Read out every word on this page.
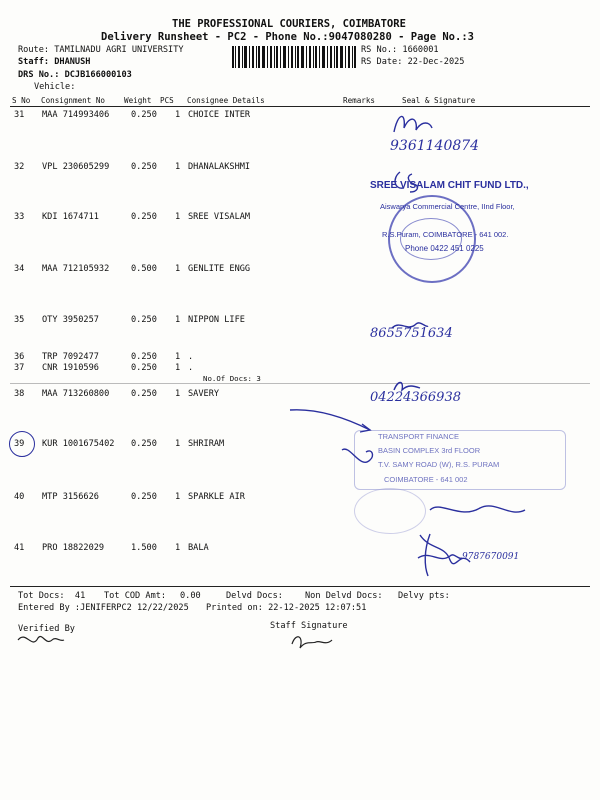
THE PROFESSIONAL COURIERS, COIMBATORE
Delivery Runsheet - PC2 - Phone No.:9047080280 - Page No.:3
Route: TAMILNADU AGRI UNIVERSITY
Staff: DHANUSH
DRS No.: DCJB166000103
Vehicle:
RS No.: 1660001
RS Date: 22-Dec-2025
S No Consignment No Weight PCS Consignee Details	Remarks	Seal & Signature
31 MAA 714993406	0.250 1 CHOICE INTER
32 VPL 230605299	0.250 1 DHANALAKSHMI
33 KDI 1674711	0.250 1 SREE VISALAM
34 MAA 712105932	0.500 1 GENLITE ENGG
35 OTY 3950257	0.250 1 NIPPON LIFE
36 TRP 7092477	0.250 1 .
37 CNR 1910596	0.250 1 .
No.Of Docs: 3
38 MAA 713260800	0.250 1 SAVERY
39 KUR 1001675402 0.250 1 SHRIRAM
40 MTP 3156626	0.250 1 SPARKLE AIR
41 PRO 18822029	1.500 1 BALA
SREE VISALAM CHIT FUND LTD.,
Aiswarya Commercial Centre, IInd Floor,
R.S.Puram, COIMBATORE - 641 002.
Phone 0422 451 0225
TRANSPORT FINANCE
BASIN COMPLEX 3rd FLOOR
T.V. SAMY ROAD (W), R.S. PURAM
COIMBATORE - 641 002
9361140874
8655751634
04224366938
9787670091
Tot Docs:  41 Tot COD Amt: 0.00	Delvd Docs:	Non Delvd Docs: Delvy pts:
Entered By :JENIFERPC2 12/22/2025 Printed on: 22-12-2025 12:07:51
Verified By	Staff Signature
